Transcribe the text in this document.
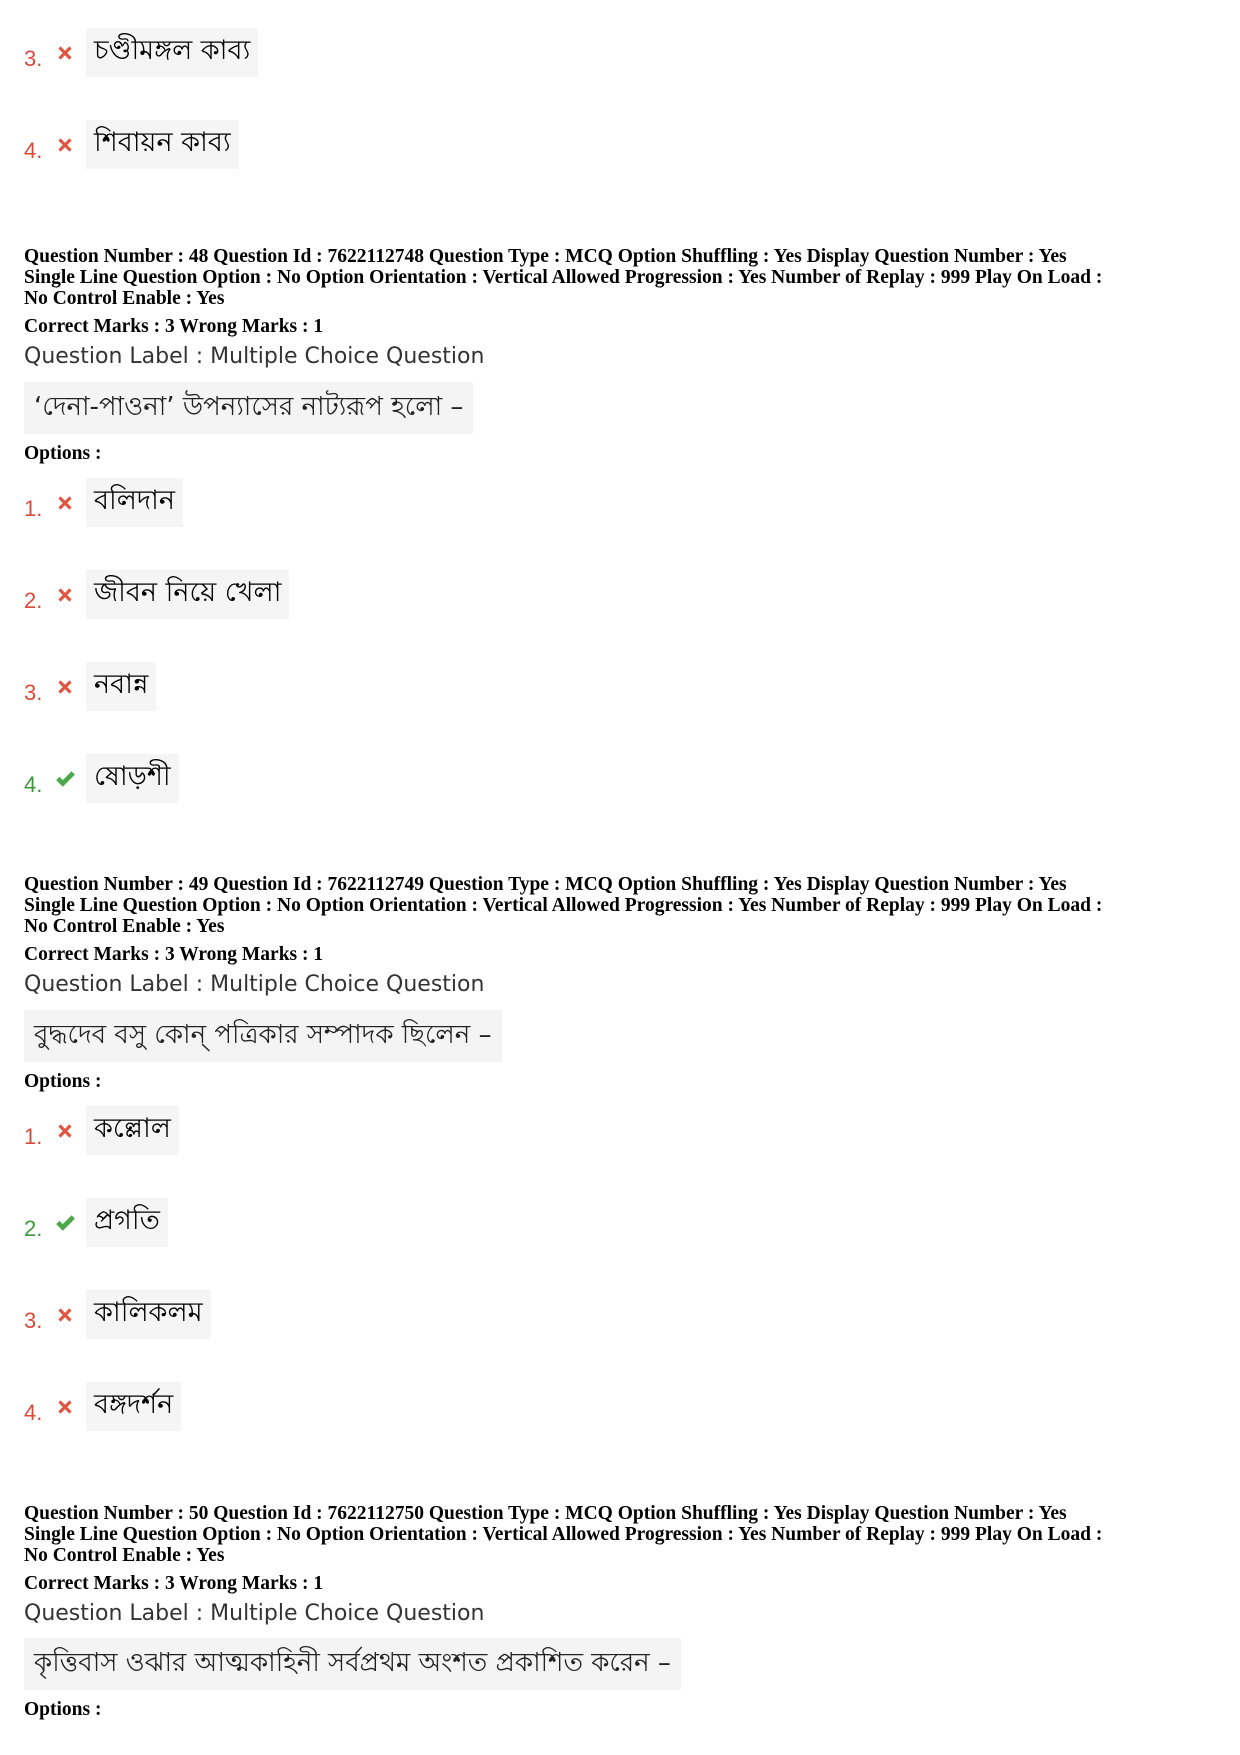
3. চণ্ডীমঙ্গল কাব্য
4. শিবায়ন কাব্য
Question Number : 48 Question Id : 7622112748 Question Type : MCQ Option Shuffling : Yes Display Question Number : Yes
Single Line Question Option : No Option Orientation : Vertical Allowed Progression : Yes Number of Replay : 999 Play On Load :
No Control Enable : Yes
Correct Marks : 3 Wrong Marks : 1
Question Label : Multiple Choice Question
‘দেনা-পাওনা’ উপন্যাসের নাট্যরূপ হলো –
Options :
1. বলিদান
2. জীবন নিয়ে খেলা
3. নবান্ন
4. ষোড়শী
Question Number : 49 Question Id : 7622112749 Question Type : MCQ Option Shuffling : Yes Display Question Number : Yes
Single Line Question Option : No Option Orientation : Vertical Allowed Progression : Yes Number of Replay : 999 Play On Load :
No Control Enable : Yes
Correct Marks : 3 Wrong Marks : 1
Question Label : Multiple Choice Question
বুদ্ধদেব বসু কোন্ পত্রিকার সম্পাদক ছিলেন –
Options :
1. কল্লোল
2. প্রগতি
3. কালিকলম
4. বঙ্গদর্শন
Question Number : 50 Question Id : 7622112750 Question Type : MCQ Option Shuffling : Yes Display Question Number : Yes
Single Line Question Option : No Option Orientation : Vertical Allowed Progression : Yes Number of Replay : 999 Play On Load :
No Control Enable : Yes
Correct Marks : 3 Wrong Marks : 1
Question Label : Multiple Choice Question
কৃত্তিবাস ওঝার আত্মকাহিনী সর্বপ্রথম অংশত প্রকাশিত করেন –
Options :
